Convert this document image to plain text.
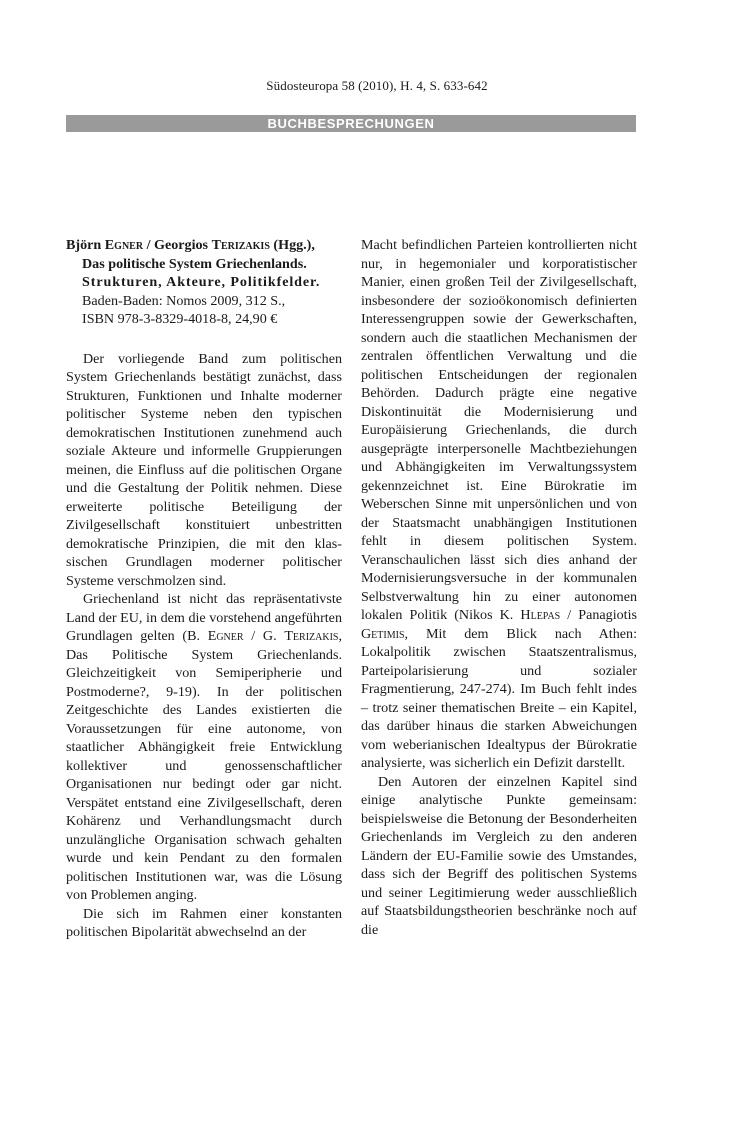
Südosteuropa 58 (2010), H. 4, S. 633-642
BUCHBESPRECHUNGEN

Björn Egner / Georgios Terizakis (Hgg.),
Das politische System Griechenlands.
Strukturen, Akteure, Politikfelder.
Baden-Baden: Nomos 2009, 312 S.,
ISBN 978-3-8329-4018-8, 24,90 €

Der vorliegende Band zum politischen System Griechenlands bestätigt zunächst, dass Strukturen, Funktionen und Inhalte moderner politischer Systeme neben den typischen demokratischen Institutionen zunehmend auch soziale Akteure und informelle Gruppierungen meinen, die Einfluss auf die politischen Organe und die Gestaltung der Politik nehmen. Diese erweiterte politische Beteiligung der Zivilgesellschaft konstituiert unbestritten demokratische Prinzipien, die mit den klassischen Grundlagen moderner politischer Systeme verschmolzen sind.

Griechenland ist nicht das repräsentativste Land der EU, in dem die vorstehend angeführten Grundlagen gelten (B. Egner / G. Terizakis, Das Politische System Griechenlands. Gleichzeitigkeit von Semiperipherie und Postmoderne?, 9-19). In der politischen Zeitgeschichte des Landes existierten die Voraussetzungen für eine autonome, von staatlicher Abhängigkeit freie Entwicklung kollektiver und genossenschaftlicher Organisationen nur bedingt oder gar nicht. Verspätet entstand eine Zivilgesellschaft, deren Kohärenz und Verhandlungsmacht durch unzulängliche Organisation schwach gehalten wurde und kein Pendant zu den formalen politischen Institutionen war, was die Lösung von Problemen anging.

Die sich im Rahmen einer konstanten politischen Bipolarität abwechselnd an der

Macht befindlichen Parteien kontrollierten nicht nur, in hegemonialer und korporatistischer Manier, einen großen Teil der Zivilgesellschaft, insbesondere der sozioökonomisch definierten Interessengruppen sowie der Gewerkschaften, sondern auch die staatlichen Mechanismen der zentralen öffentlichen Verwaltung und die politischen Entscheidungen der regionalen Behörden. Dadurch prägte eine negative Diskontinuität die Modernisierung und Europäisierung Griechenlands, die durch ausgeprägte interpersonelle Machtbeziehungen und Abhängigkeiten im Verwaltungssystem gekennzeichnet ist. Eine Bürokratie im Weberschen Sinne mit unpersönlichen und von der Staatsmacht unabhängigen Institutionen fehlt in diesem politischen System. Veranschaulichen lässt sich dies anhand der Modernisierungsversuche in der kommunalen Selbstverwaltung hin zu einer autonomen lokalen Politik (Nikos K. Hlepas / Panagiotis Getimis, Mit dem Blick nach Athen: Lokalpolitik zwischen Staatszentralismus, Parteipolarisierung und sozialer Fragmentierung, 247-274). Im Buch fehlt indes – trotz seiner thematischen Breite – ein Kapitel, das darüber hinaus die starken Abweichungen vom weberianischen Idealtypus der Bürokratie analysierte, was sicherlich ein Defizit darstellt.

Den Autoren der einzelnen Kapitel sind einige analytische Punkte gemeinsam: beispielsweise die Betonung der Besonderheiten Griechenlands im Vergleich zu den anderen Ländern der EU-Familie sowie des Umstandes, dass sich der Begriff des politischen Systems und seiner Legitimierung weder ausschließlich auf Staatsbildungstheorien beschränke noch auf die
